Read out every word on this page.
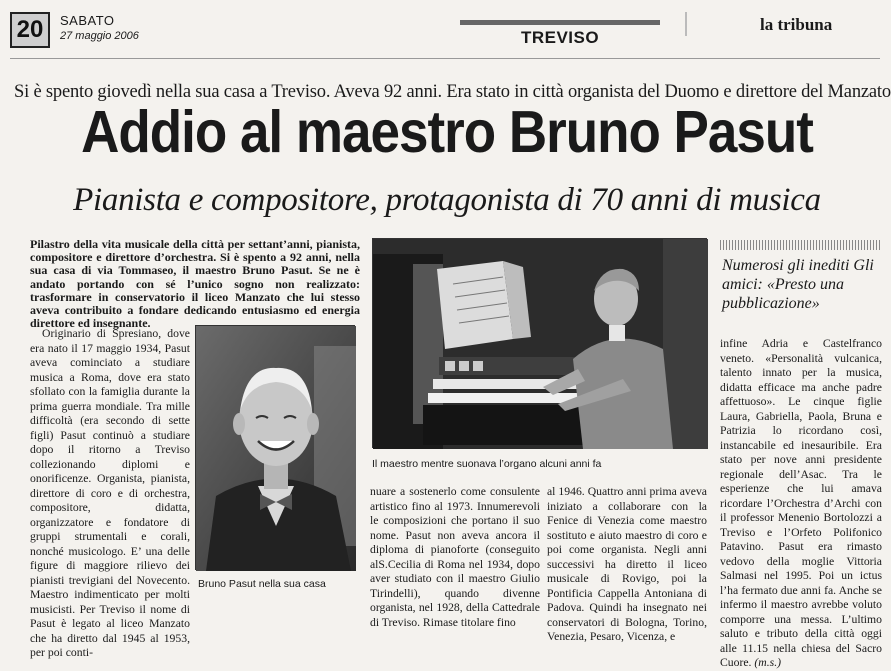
20	SABATO
27 maggio 2006	TREVISO
la tribuna
Si è spento giovedì nella sua casa a Treviso. Aveva 92 anni. Era stato in città organista del Duomo e direttore del Manzato
Addio al maestro Bruno Pasut
Pianista e compositore, protagonista di 70 anni di musica
Pilastro della vita musicale della città per settant’anni, pianista, compositore e direttore d’orchestra. Si è spento a 92 anni, nella sua casa di via Tommaseo, il maestro Bruno Pasut. Se ne è andato portando con sé l’unico sogno non realizzato: trasformare in conservatorio il liceo Manzato che lui stesso aveva contribuito a fondare dedicando entusiasmo ed energia direttore ed insegnante.

Originario di Spresiano, dove era nato il 17 maggio 1934, Pasut aveva cominciato a studiare musica a Roma, dove era stato sfollato con la famiglia durante la prima guerra mondiale. Tra mille difficoltà (era secondo di sette figli) Pasut continuò a studiare dopo il ritorno a Treviso collezionando diplomi e onorificenze. Organista, pianista, direttore di coro e di orchestra, compositore, didatta, organizzatore e fondatore di gruppi strumentali e corali, nonché musicologo. E’ una delle figure di maggiore rilievo dei pianisti trevigiani del Novecento. Maestro indimenticato per molti musicisti. Per Treviso il nome di Pasut è legato al liceo Manzato che ha diretto dal 1945 al 1953, per poi conti-

Bruno Pasut nella sua casa
Il maestro mentre suonava l’organo alcuni anni fa

nuare a sostenerlo come consulente artistico fino al 1973. Innumerevoli le composizioni che portano il suo nome. Pasut non aveva ancora il diploma di pianoforte (conseguito alS.Cecilia di Roma nel 1934, dopo aver studiato con il maestro Giulio Tirindelli), quando divenne organista, nel 1928, della Cattedrale di Treviso. Rimase titolare fino

al 1946. Quattro anni prima aveva iniziato a collaborare con la Fenice di Venezia come maestro sostituto e aiuto maestro di coro e poi come organista. Negli anni successivi ha diretto il liceo musicale di Rovigo, poi la Pontificia Cappella Antoniana di Padova. Quindi ha insegnato nei conservatori di Bologna, Torino, Venezia, Pesaro, Vicenza, e

Numerosi gli inediti Gli amici: «Presto una pubblicazione»

infine Adria e Castelfranco veneto. «Personalità vulcanica, talento innato per la musica, didatta efficace ma anche padre affettuoso». Le cinque figlie Laura, Gabriella, Paola, Bruna e Patrizia lo ricordano così, instancabile ed inesauribile. Era stato per nove anni presidente regionale dell’Asac. Tra le esperienze che lui amava ricordare l’Orchestra d’Archi con il professor Menenio Bortolozzi a Treviso e l’Orfeto Polifonico Patavino. Pasut era rimasto vedovo della moglie Vittoria Salmasi nel 1995. Poi un ictus l’ha fermato due anni fa. Anche se infermo il maestro avrebbe voluto comporre una messa. L’ultimo saluto e tributo della città oggi alle 11.15 nella chiesa del Sacro Cuore. (m.s.)
